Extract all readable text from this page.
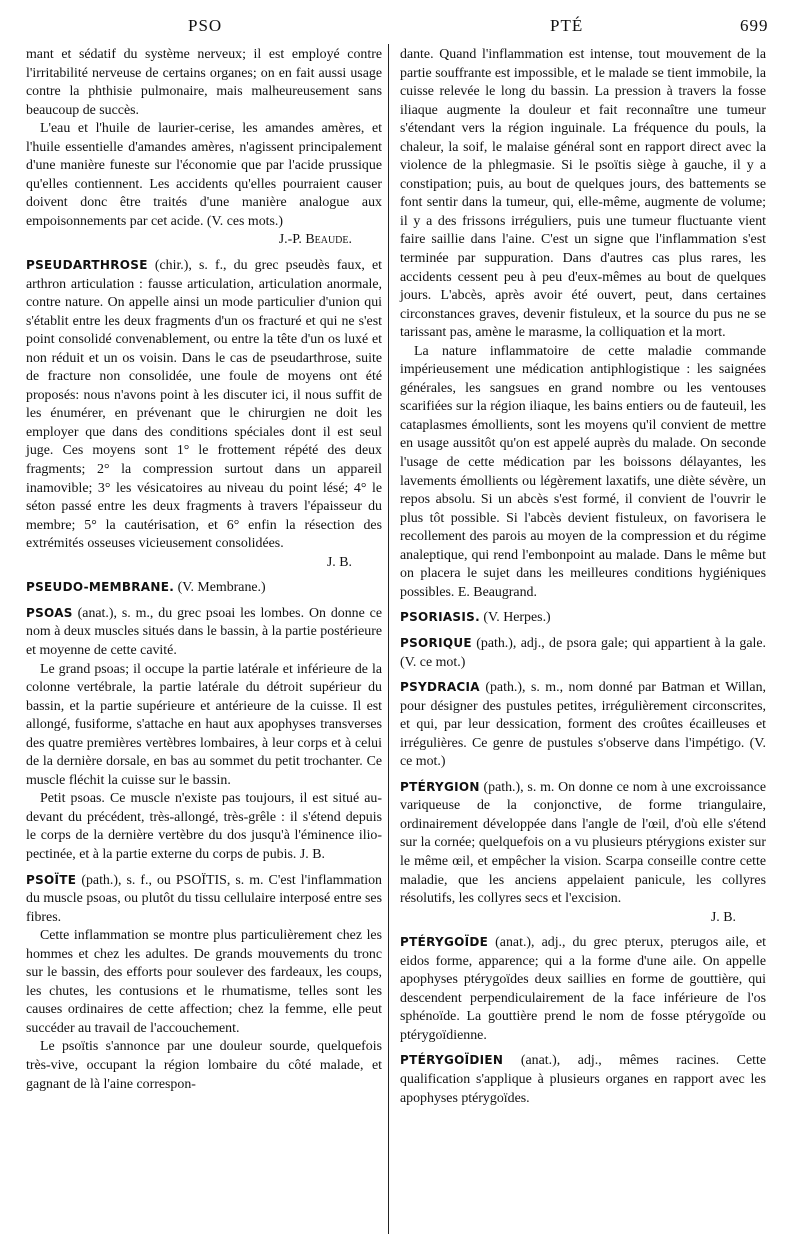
PSO	PTÉ	699

mant et sédatif du système nerveux; il est employé contre l'irritabilité nerveuse de certains organes; on en fait aussi usage contre la phthisie pulmonaire, mais malheureusement sans beaucoup de succès.

L'eau et l'huile de laurier-cerise, les amandes amères, et l'huile essentielle d'amandes amères, n'agissent principalement d'une manière funeste sur l'économie que par l'acide prussique qu'elles contiennent. Les accidents qu'elles pourraient causer doivent donc être traités d'une manière analogue aux empoisonnements par cet acide. (V. ces mots.)

J.-P. Beaude.

PSEUDARTHROSE (chir.), s. f., du grec pseudès faux, et arthron articulation : fausse articulation, articulation anormale, contre nature. On appelle ainsi un mode particulier d'union qui s'établit entre les deux fragments d'un os fracturé et qui ne s'est point consolidé convenablement, ou entre la tête d'un os luxé et non réduit et un os voisin. Dans le cas de pseudarthrose, suite de fracture non consolidée, une foule de moyens ont été proposés: nous n'avons point à les discuter ici, il nous suffit de les énumérer, en prévenant que le chirurgien ne doit les employer que dans des conditions spéciales dont il est seul juge. Ces moyens sont 1° le frottement répété des deux fragments; 2° la compression surtout dans un appareil inamovible; 3° les vésicatoires au niveau du point lésé; 4° le séton passé entre les deux fragments à travers l'épaisseur du membre; 5° la cautérisation, et 6° enfin la résection des extrémités osseuses vicieusement consolidées.

J. B.

PSEUDO-MEMBRANE. (V. Membrane.)

PSOAS (anat.), s. m., du grec psoai les lombes. On donne ce nom à deux muscles situés dans le bassin, à la partie postérieure et moyenne de cette cavité.

Le grand psoas; il occupe la partie latérale et inférieure de la colonne vertébrale, la partie latérale du détroit supérieur du bassin, et la partie supérieure et antérieure de la cuisse. Il est allongé, fusiforme, s'attache en haut aux apophyses transverses des quatre premières vertèbres lombaires, à leur corps et à celui de la dernière dorsale, en bas au sommet du petit trochanter. Ce muscle fléchit la cuisse sur le bassin.

Petit psoas. Ce muscle n'existe pas toujours, il est situé au-devant du précédent, très-allongé, très-grêle : il s'étend depuis le corps de la dernière vertèbre du dos jusqu'à l'éminence ilio-pectinée, et à la partie externe du corps de pubis. J. B.

PSOÏTE (path.), s. f., ou PSOÏTIS, s. m. C'est l'inflammation du muscle psoas, ou plutôt du tissu cellulaire interposé entre ses fibres.

Cette inflammation se montre plus particulièrement chez les hommes et chez les adultes. De grands mouvements du tronc sur le bassin, des efforts pour soulever des fardeaux, les coups, les chutes, les contusions et le rhumatisme, telles sont les causes ordinaires de cette affection; chez la femme, elle peut succéder au travail de l'accouchement.

Le psoïtis s'annonce par une douleur sourde, quelquefois très-vive, occupant la région lombaire du côté malade, et gagnant de là l'aine correspon-

dante. Quand l'inflammation est intense, tout mouvement de la partie souffrante est impossible, et le malade se tient immobile, la cuisse relevée le long du bassin. La pression à travers la fosse iliaque augmente la douleur et fait reconnaître une tumeur s'étendant vers la région inguinale. La fréquence du pouls, la chaleur, la soif, le malaise général sont en rapport direct avec la violence de la phlegmasie. Si le psoïtis siège à gauche, il y a constipation; puis, au bout de quelques jours, des battements se font sentir dans la tumeur, qui, elle-même, augmente de volume; il y a des frissons irréguliers, puis une tumeur fluctuante vient faire saillie dans l'aine. C'est un signe que l'inflammation s'est terminée par suppuration. Dans d'autres cas plus rares, les accidents cessent peu à peu d'eux-mêmes au bout de quelques jours. L'abcès, après avoir été ouvert, peut, dans certaines circonstances graves, devenir fistuleux, et la source du pus ne se tarissant pas, amène le marasme, la colliquation et la mort.

La nature inflammatoire de cette maladie commande impérieusement une médication antiphlogistique : les saignées générales, les sangsues en grand nombre ou les ventouses scarifiées sur la région iliaque, les bains entiers ou de fauteuil, les cataplasmes émollients, sont les moyens qu'il convient de mettre en usage aussitôt qu'on est appelé auprès du malade. On seconde l'usage de cette médication par les boissons délayantes, les lavements émollients ou légèrement laxatifs, une diète sévère, un repos absolu. Si un abcès s'est formé, il convient de l'ouvrir le plus tôt possible. Si l'abcès devient fistuleux, on favorisera le recollement des parois au moyen de la compression et du régime analeptique, qui rend l'embonpoint au malade. Dans le même but on placera le sujet dans les meilleures conditions hygiéniques possibles. E. Beaugrand.

PSORIASIS. (V. Herpes.)

PSORIQUE (path.), adj., de psora gale; qui appartient à la gale. (V. ce mot.)

PSYDRACIA (path.), s. m., nom donné par Batman et Willan, pour désigner des pustules petites, irrégulièrement circonscrites, et qui, par leur dessication, forment des croûtes écailleuses et irrégulières. Ce genre de pustules s'observe dans l'impétigo. (V. ce mot.)

PTÉRYGION (path.), s. m. On donne ce nom à une excroissance variqueuse de la conjonctive, de forme triangulaire, ordinairement développée dans l'angle de l'œil, d'où elle s'étend sur la cornée; quelquefois on a vu plusieurs ptérygions exister sur le même œil, et empêcher la vision. Scarpa conseille contre cette maladie, que les anciens appelaient panicule, les collyres résolutifs, les collyres secs et l'excision.

J. B.

PTÉRYGOÏDE (anat.), adj., du grec pterux, pterugos aile, et eidos forme, apparence; qui a la forme d'une aile. On appelle apophyses ptérygoïdes deux saillies en forme de gouttière, qui descendent perpendiculairement de la face inférieure de l'os sphénoïde. La gouttière prend le nom de fosse ptérygoïde ou ptérygoïdienne.

PTÉRYGOÏDIEN (anat.), adj., mêmes racines. Cette qualification s'applique à plusieurs organes en rapport avec les apophyses ptérygoïdes.
